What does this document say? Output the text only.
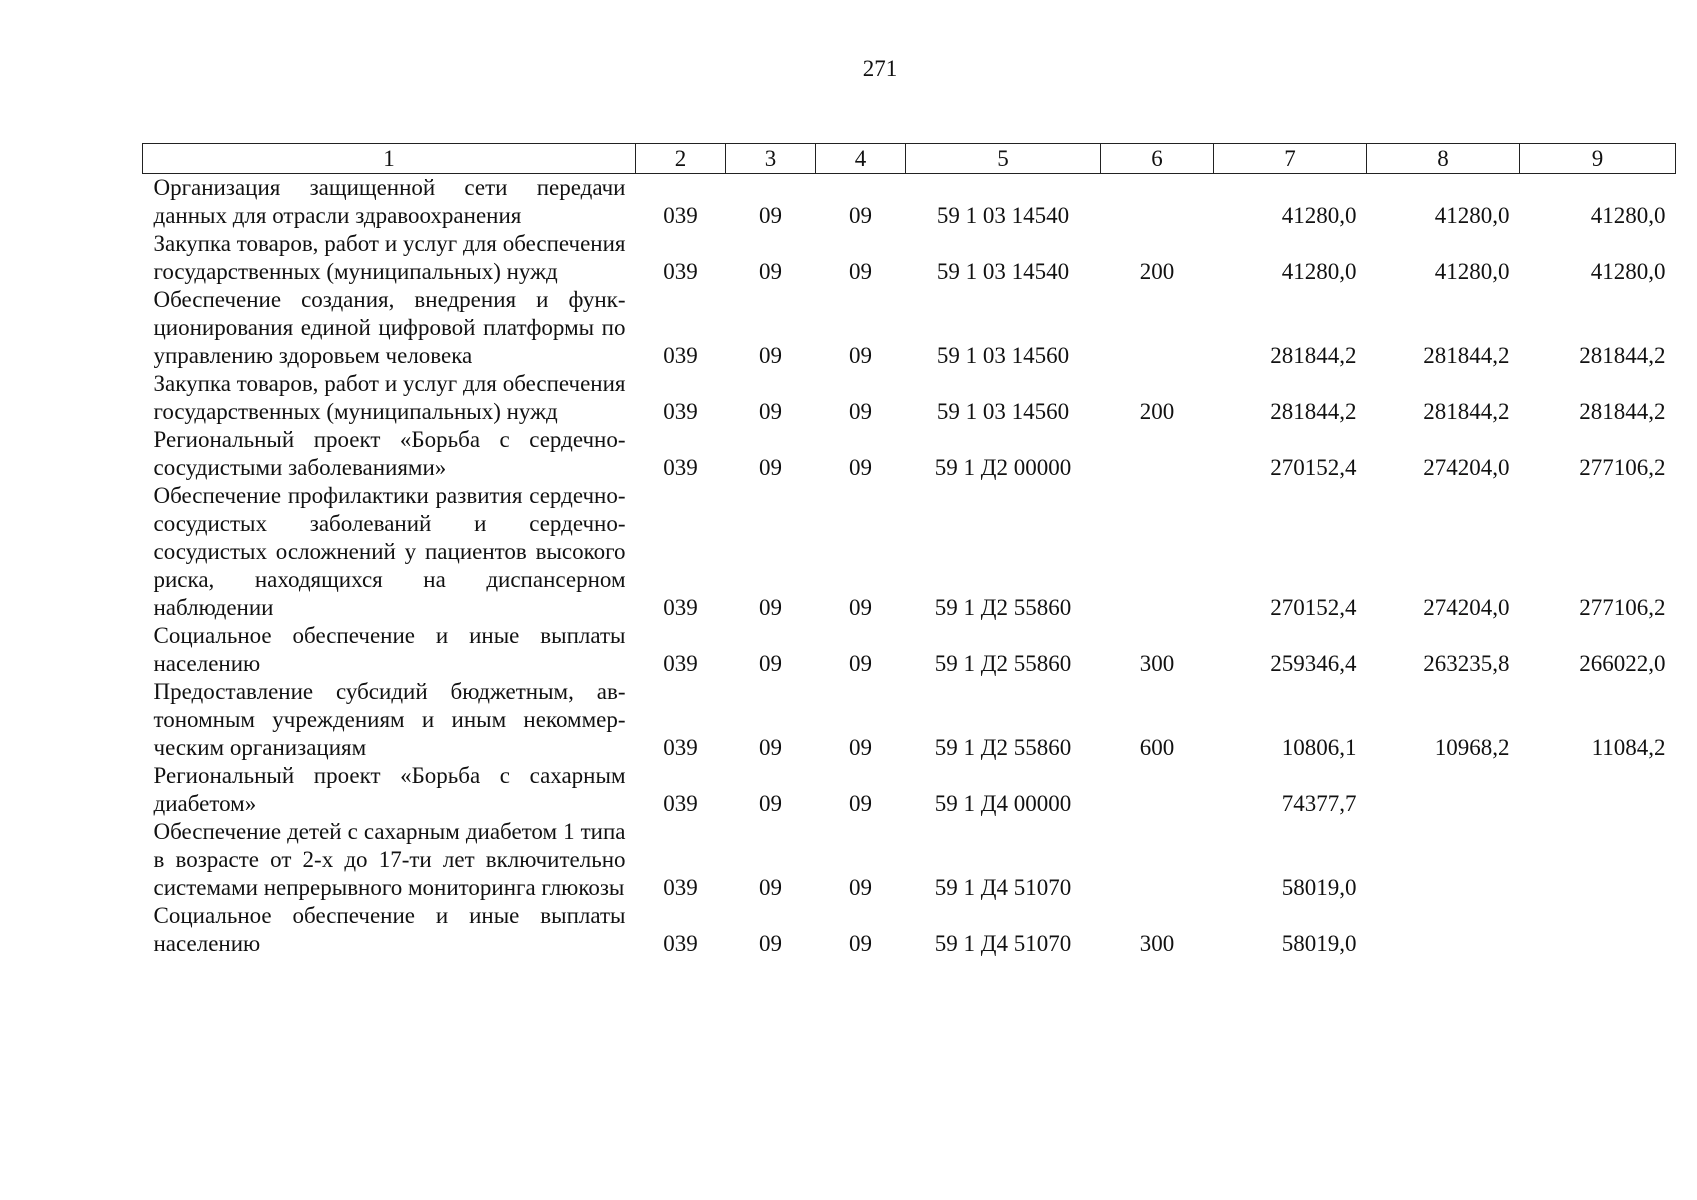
271
1	2	3	4	5	6	7	8	9
Организация защищенной сети передачи данных для отрасли здравоохранения	039	09	09	59 1 03 14540		41280,0	41280,0	41280,0
Закупка товаров, работ и услуг для обеспечения государственных (муниципальных) нужд	039	09	09	59 1 03 14540	200	41280,0	41280,0	41280,0
Обеспечение создания, внедрения и функционирования единой цифровой платформы по управлению здоровьем человека	039	09	09	59 1 03 14560		281844,2	281844,2	281844,2
Закупка товаров, работ и услуг для обеспечения государственных (муниципальных) нужд	039	09	09	59 1 03 14560	200	281844,2	281844,2	281844,2
Региональный проект «Борьба с сердечно-сосудистыми заболеваниями»	039	09	09	59 1 Д2 00000		270152,4	274204,0	277106,2
Обеспечение профилактики развития сердечно-сосудистых заболеваний и сердечно-сосудистых осложнений у пациентов высокого риска, находящихся на диспансерном наблюдении	039	09	09	59 1 Д2 55860		270152,4	274204,0	277106,2
Социальное обеспечение и иные выплаты населению	039	09	09	59 1 Д2 55860	300	259346,4	263235,8	266022,0
Предоставление субсидий бюджетным, автономным учреждениям и иным некоммерческим организациям	039	09	09	59 1 Д2 55860	600	10806,1	10968,2	11084,2
Региональный проект «Борьба с сахарным диабетом»	039	09	09	59 1 Д4 00000		74377,7		
Обеспечение детей с сахарным диабетом 1 типа в возрасте от 2-х до 17-ти лет включительно системами непрерывного мониторинга глюкозы	039	09	09	59 1 Д4 51070		58019,0		
Социальное обеспечение и иные выплаты населению	039	09	09	59 1 Д4 51070	300	58019,0		
